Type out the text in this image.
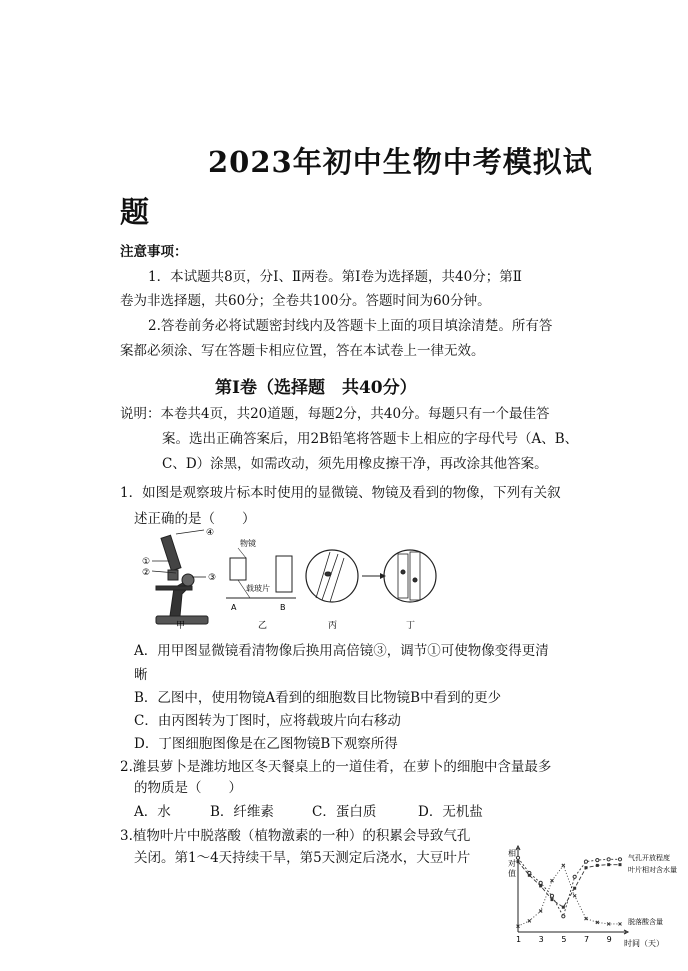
2023年初中生物中考模拟试
题
注意事项：
1．本试题共8页，分Ⅰ、Ⅱ两卷。第Ⅰ卷为选择题，共40分；第Ⅱ
卷为非选择题，共60分；全卷共100分。答题时间为60分钟。
2.答卷前务必将试题密封线内及答题卡上面的项目填涂清楚。所有答
案都必须涂、写在答题卡相应位置，答在本试卷上一律无效。
第Ⅰ卷（选择题　共40分）
说明：本卷共4页，共20道题，每题2分，共40分。每题只有一个最佳答
案。选出正确答案后，用2B铅笔将答题卡上相应的字母代号（A、B、
C、D）涂黑，如需改动，须先用橡皮擦干净，再改涂其他答案。
1．如图是观察玻片标本时使用的显微镜、物镜及看到的物像，下列有关叙
述正确的是（　　）
④
①
②	③
物镜
载玻片
A	B
甲	乙	丙	丁
A．用甲图显微镜看清物像后换用高倍镜③，调节①可使物像变得更清
晰
B．乙图中，使用物镜A看到的细胞数目比物镜B中看到的更少
C．由丙图转为丁图时，应将载玻片向右移动
D．丁图细胞图像是在乙图物镜B下观察所得
2.潍县萝卜是潍坊地区冬天餐桌上的一道佳肴，在萝卜的细胞中含量最多
的物质是（　　）
A．水	B．纤维素	C．蛋白质	D．无机盐
3.植物叶片中脱落酸（植物激素的一种）的积累会导致气孔
关闭。第1～4天持续干旱，第5天测定后浇水，大豆叶片	相
对
值
时间（天）
1 3 5 7 9
气孔开放程度
叶片相对含水量
脱落酸含量
